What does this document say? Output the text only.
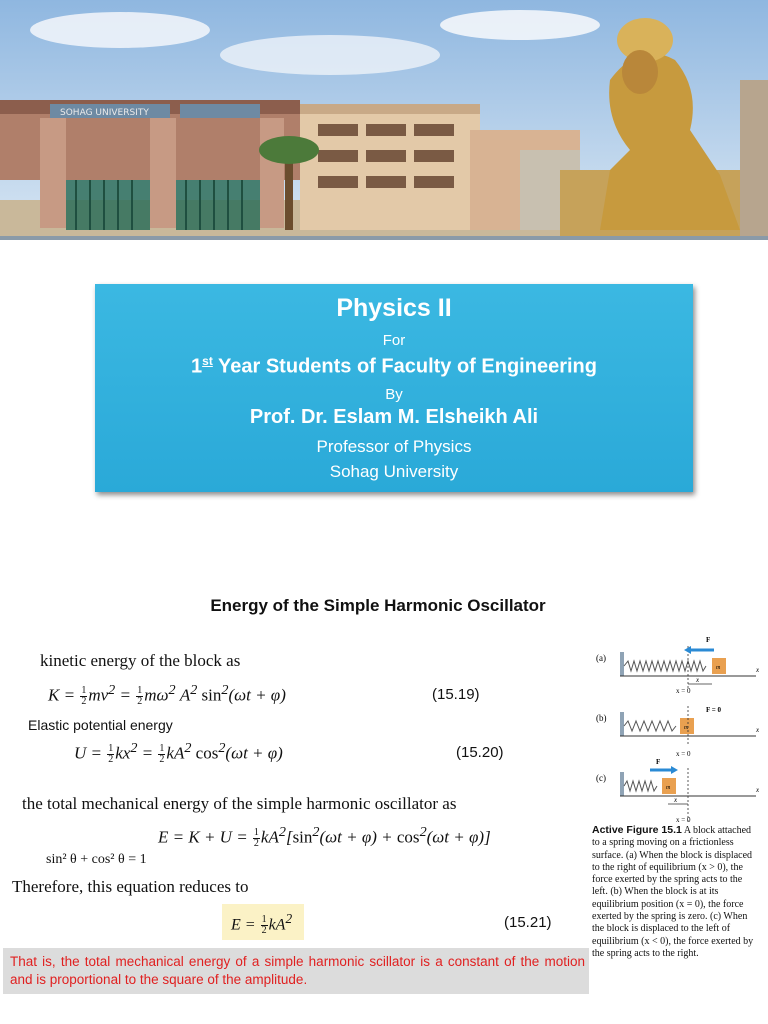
SOHAG UNIVERSITY
Physics II
For
1st Year Students of Faculty of Engineering
By
Prof. Dr. Eslam M. Elsheikh Ali
Professor of Physics
Sohag University
Energy of the Simple Harmonic Oscillator
kinetic energy of the block as
$K = \frac{1}{2} mv^2 = \frac{1}{2} m\omega^2$ $A^2$ $\sin^2(\omega t + \varphi)$	(15.19)
Elastic potential energy
$U = \frac{1}{2} kx^2 = \frac{1}{2} kA^2$ $\cos^2(\omega t + \varphi)$	(15.20)
the total mechanical energy of the simple harmonic oscillator as
$E = K + U = \frac{1}{2} kA^2[\sin^2(\omega t + \varphi) + \cos^2(\omega t + \varphi)]$
sin² θ + cos² θ = 1
Therefore, this equation reduces to
$E = \frac{1}{2} kA^2$	(15.21)
That is, the total mechanical energy of a simple harmonic scillator is a constant of the motion and is proportional to the square of the amplitude.
(a)
m	x
F
x = 0
x
(b)
m	x
F = 0
x = 0
(c)
m	x
F
x
x = 0
Active Figure 15.1 A block attached to a spring moving on a frictionless surface. (a) When the block is displaced to the right of equilibrium (x > 0), the force exerted by the spring acts to the left. (b) When the block is at its equilibrium position (x = 0), the force exerted by the spring is zero. (c) When the block is displaced to the left of equilibrium (x < 0), the force exerted by the spring acts to the right.
